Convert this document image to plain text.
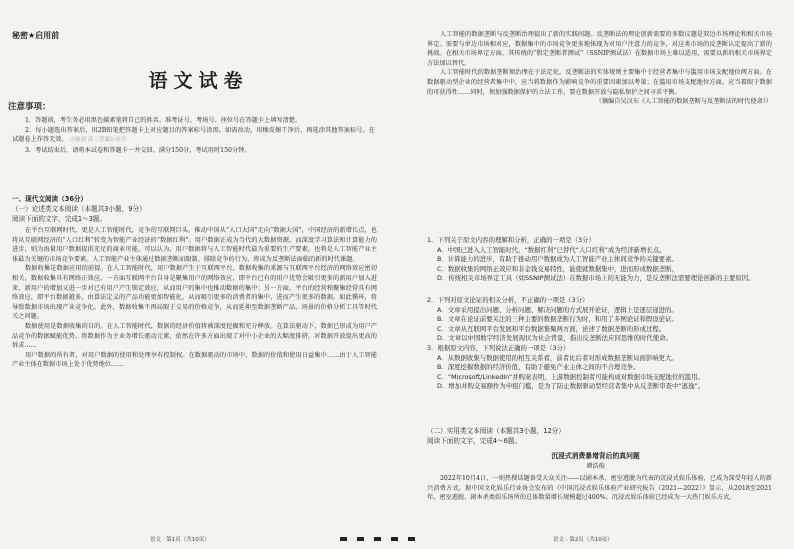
秘密★启用前
语文试卷
注意事项：

1．答题前，考生务必用黑色碳素笔将自己的姓名、准考证号、考场号、座位号在答题卡上填写清楚。

2．每小题选出答案后，用2B铅笔把答题卡上对应题目的答案标号涂黑。如需改动，用橡皮擦干净后，再选涂其他答案标号。在试题卷上作答无效。 Ⓐ原创 高三答案公众号

3．考试结束后，请将本试卷和答题卡一并交回。满分150分，考试用时150分钟。

一、现代文阅读（36分）
（一）论述类文本阅读（本题共3小题，9分）
阅读下面的文字，完成1～3题。

在平台互联网时代，更是人工智能时代。竞争的互联网巨头，推动中国从“人口大国”走向“数据大国”，中国经济的新增长点，也将从互联网经济的“人口红利”转变为智能产业经济的“数据红利”。用户数据正成为当代的大数据资源，而深度学习算法和计算能力的进步，则为海量用户数据提供充足的商业可能。可以认为，用户数据将与人工智能时代最为重要的生产要素，也将是人工智能产业主体最为关键的市场竞争要素。人工智能产业主体通过数据垄断而限制、排除竞争的行为，将成为反垄断法面临的新的时代课题。

数据收集是数据应用的前提。在人工智能时代，用户数据产生于互联网平台。数据收集的来源与互联网平台经济的网络效应密切相关。数据收集具有网络正效应。一方面互联网平台自身是聚集用户的网络效应，即平台已有的用户优势会吸引更多的新用户加入进来，新用户的增加又进一步对已有用户产生锁定效应，从而用户的集中也推动数据的集中；另一方面，平台的经营和聚集经营具有网络效应，即平台数据越多，由算法定义的产品功能更加智能化，从而吸引更多的消费者的集中，进而产生更多的数据。如此循环，将导致数据市场出现产业竞争化。此外，数据收集不再局限于交易的价格竞争，从而延伸至数据垄断产品、场景的价格分析工具等时代关之问题。

数据使用是数据收集的目的。在人工智能时代，数据的经济价值将被深度挖掘和充分释放。在算法驱动下，数据已形成为用户产品竞争的数据赋能优势，将数据作为主业务增长驱动元素，依然在许多方面出现了对中小企业的大幅度排挤，对数据开放提出更高的诉求……

用户数据的所有者，对用户数据的使用和处理享有控制权。在数据驱动的市场中，数据的价值和使用日益集中……由于人工智能产业主体在数据市场上处于优势地位……

语文 · 第1页（共10页）

人工智能的数据垄断与反垄断治理提出了新的实践问题。反垄断法的理论创新需要的多数议题是双边市场理论和相关市场界定。需要与单边市场相对应，数据集中的市场竞争更多地体现为对用户注意力的竞争，对这类市场的反垄断认定提出了新的挑战。在相关市场界定方面，其传统的“假定垄断者测试”（SSNIP测试法）在数据市场上难以适用，需要以新的相关市场界定方法加以替代。

人工智能时代的数据垄断须治理在于法定化。反垄断法的实体规则主要集中于经营者集中与滥用市场支配地位两方面。在数据驱动型企业的经营者集中中，应当将数据作为影响竞争的重要因素加以考量；在滥用市场支配地位方面，应当着眼于数据的可获得性……同时，须加强数据保护的立法工作，要在数据开放与隐私保护之间寻求平衡。

（摘编自吴汉东《人工智能的数据垄断与反垄断法的时代使命》）

1．下列关于原文内容的理解和分析，正确的一项是（3分）
A．中国已进入人工智能时代，“数据红利”已替代“人口红利”成为经济新增长点。
B．计算能力的进步，有助于推动用户数据成为人工智能产业主体间竞争的关键要素。
C．数据收集的网络正效应和非金钱交易特性，能使就数据集中，进而形成数据垄断。
D．传统相关市场界定工具（如SSNIP测试法）在数据市场上的无能为力，是反垄断法需要理论创新的主要原因。
2．下列对原文论证的相关分析，不正确的一项是（3分）
A．文章采用提出问题、分析问题、解决问题的方式展开论证，逻辑上是逐层递进的。
B．文章在论证前要关注的三种主要的数据垄断行为时，和用了多例论证和假设论证。
C．文章从互联网平台发展和平台数据集聚两方面，论述了数据垄断的形成过程。
D．文章以中国数字经济发展现状为社会背景，指出反垄断法应同思维的时代使命。
3．根据原文内容，下列说法正确的一项是（3分）
A．从数据收集与数据使用的相互关系看，前者比后者对形成数据垄断局面影响更大。
B．深度挖掘数据的经济价值，有助于避免产业主体之间的不合理竞争。
C．“Microsoft/LinkedIn”并购案表明，上游数据控制者可能构成对数据市场支配地位的滥用。
D．增加并购交易额作为申报门槛，是为了防止数据驱动型经营者集中从反垄断审查中“逃逸”。
（二）实用类文本阅读（本题共3小题，12分）
阅读下面的文字，完成4～6题。
语文 · 第2页（共10页）
沉浸式消费暴增背后的真问题
谭浩俊

2022年10月4日，一则热搜话题备受大众关注——以剧本杀、密室逃脱为代表的沉浸式娱乐体验，已成为深受年轻人的新兴消费方式。据中国文化娱乐行业协会发布的《中国沉浸式娱乐体验产业研究报告（2021—2022）》显示，从2018至2021年，密室逃脱、剧本杀类娱乐场所的总体数量增长规模超过400%。沉浸式娱乐体验已经成为一大热门娱乐方式。
